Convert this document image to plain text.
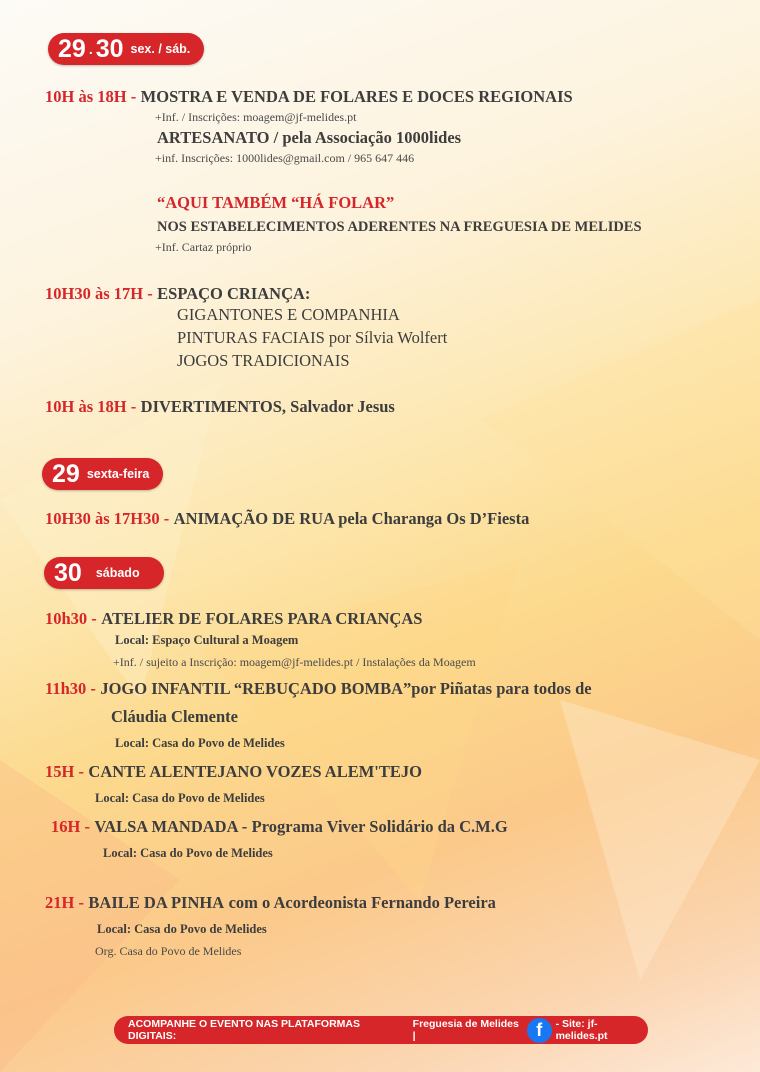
29 . 30 sex. / sáb.
10H às 18H - MOSTRA E VENDA DE FOLARES E DOCES REGIONAIS
+Inf. / Inscrições: moagem@jf-melides.pt
ARTESANATO / pela Associação 1000lides
+inf. Inscrições: 1000lides@gmail.com / 965 647 446
“AQUI TAMBÉM “HÁ FOLAR”
NOS ESTABELECIMENTOS ADERENTES NA FREGUESIA DE MELIDES
+Inf. Cartaz próprio
10H30 às 17H - ESPAÇO CRIANÇA:
GIGANTONES E COMPANHIA
PINTURAS FACIAIS por Sílvia Wolfert
JOGOS TRADICIONAIS
10H às 18H - DIVERTIMENTOS, Salvador Jesus
29 sexta-feira
10H30 às 17H30 - ANIMAÇÃO DE RUA pela Charanga Os D’Fiesta
30 sábado
10h30 - ATELIER DE FOLARES PARA CRIANÇAS
Local: Espaço Cultural a Moagem
+Inf. / sujeito a Inscrição: moagem@jf-melides.pt / Instalações da Moagem
11h30 - JOGO INFANTIL “REBUÇADO BOMBA”por Piñatas para todos de
Cláudia Clemente
Local: Casa do Povo de Melides
15H - CANTE ALENTEJANO VOZES ALEM'TEJO
Local: Casa do Povo de Melides
16H - VALSA MANDADA - Programa Viver Solidário da C.M.G
Local: Casa do Povo de Melides
21H - BAILE DA PINHA com o Acordeonista Fernando Pereira
Local: Casa do Povo de Melides
Org. Casa do Povo de Melides
ACOMPANHE O EVENTO NAS PLATAFORMAS DIGITAIS:
Freguesia de Melides |	f - Site: jf-melides.pt
